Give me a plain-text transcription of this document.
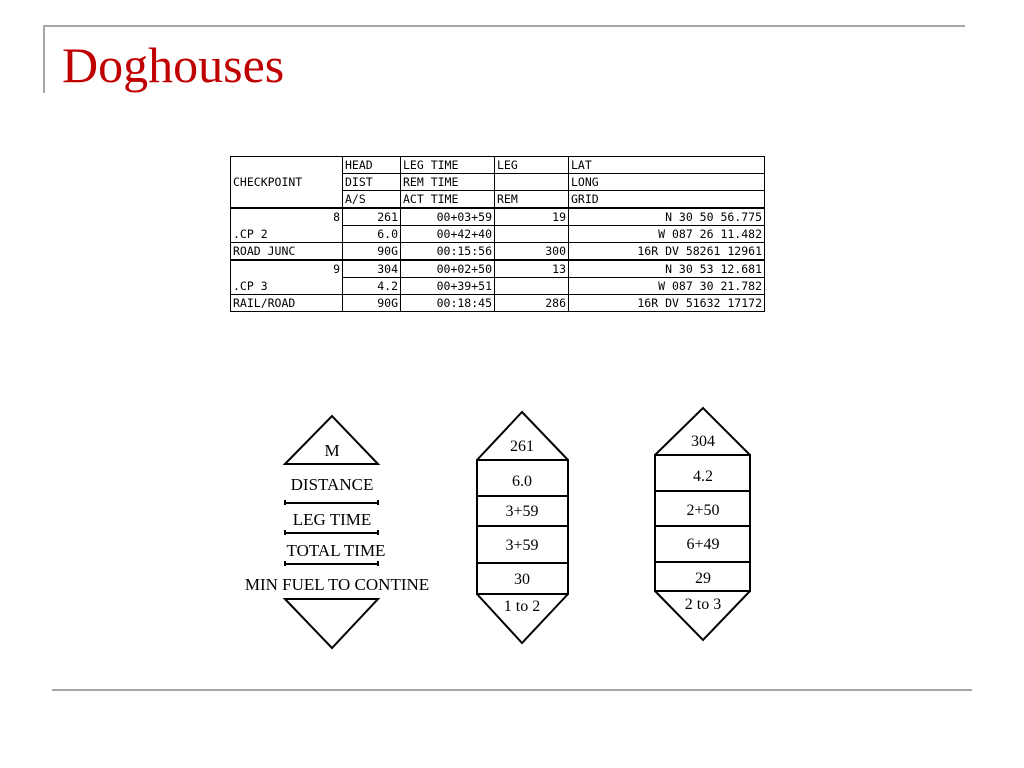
Doghouses
	HEAD	LEG TIME	LEG	LAT
CHECKPOINT	DIST	REM TIME		LONG
	A/S	ACT TIME	REM	GRID
8	261	00+03+59	19	N 30 50 56.775
.CP 2	6.0	00+42+40		W 087 26 11.482
ROAD JUNC	90G	00:15:56	300	16R DV 58261 12961
9	304	00+02+50	13	N 30 53 12.681
.CP 3	4.2	00+39+51		W 087 30 21.782
RAIL/ROAD	90G	00:18:45	286	16R DV 51632 17172
M
DISTANCE
LEG TIME
TOTAL TIME
MIN FUEL TO CONTINE
261
6.0
3+59
3+59
30
1 to 2
304
4.2
2+50
6+49
29
2 to 3
